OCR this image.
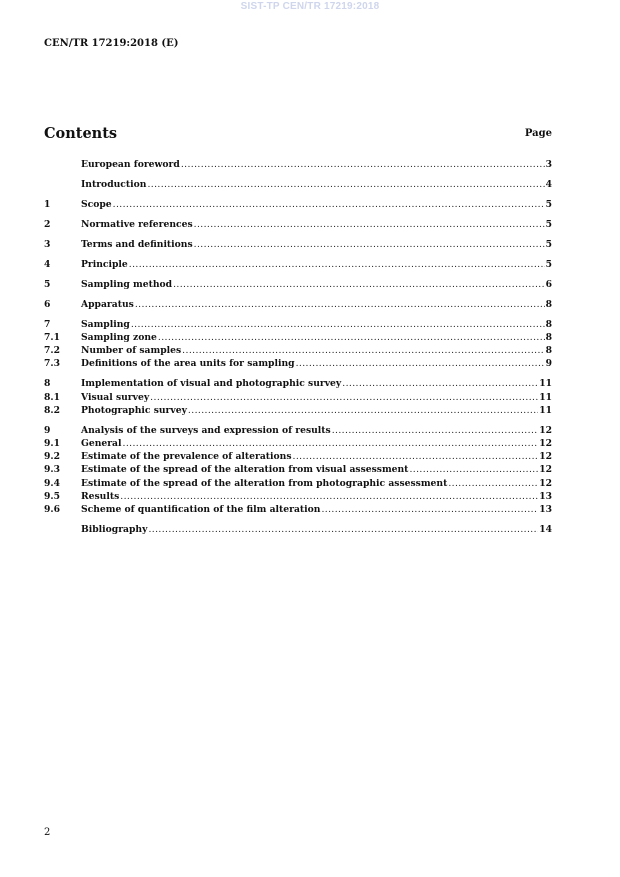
SIST-TP CEN/TR 17219:2018
CEN/TR 17219:2018 (E)
Contents	Page
European foreword .....	3
Introduction .....	4
1	Scope .....	5
2	Normative references .....	5
3	Terms and definitions .....	5
4	Principle .....	5
5	Sampling method .....	6
6	Apparatus .....	8
7	Sampling .....	8
7.1	Sampling zone .....	8
7.2	Number of samples .....	8
7.3	Definitions of the area units for sampling .....	9
8	Implementation of visual and photographic survey .....	11
8.1	Visual survey .....	11
8.2	Photographic survey .....	11
9	Analysis of the surveys and expression of results .....	12
9.1	General .....	12
9.2	Estimate of the prevalence of alterations .....	12
9.3	Estimate of the spread of the alteration from visual assessment .....	12
9.4	Estimate of the spread of the alteration from photographic assessment .....	12
9.5	Results .....	13
9.6	Scheme of quantification of the film alteration .....	13
Bibliography .....	14
2
